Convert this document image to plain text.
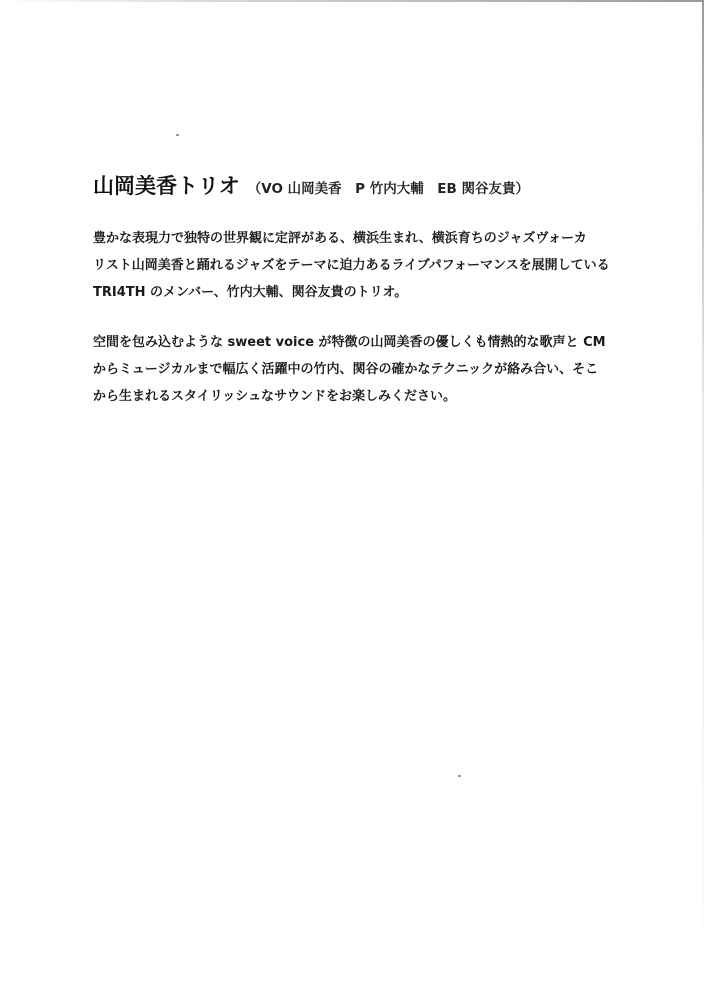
山岡美香トリオ （VO 山岡美香　P 竹内大輔　EB 関谷友貴）

豊かな表現力で独特の世界観に定評がある、横浜生まれ、横浜育ちのジャズヴォーカ
リスト山岡美香と踊れるジャズをテーマに迫力あるライブパフォーマンスを展開している
TRI4TH のメンバー、竹内大輔、関谷友貴のトリオ。

空間を包み込むような sweet voice が特徴の山岡美香の優しくも情熱的な歌声と CM
からミュージカルまで幅広く活躍中の竹内、関谷の確かなテクニックが絡み合い、そこ
から生まれるスタイリッシュなサウンドをお楽しみください。
